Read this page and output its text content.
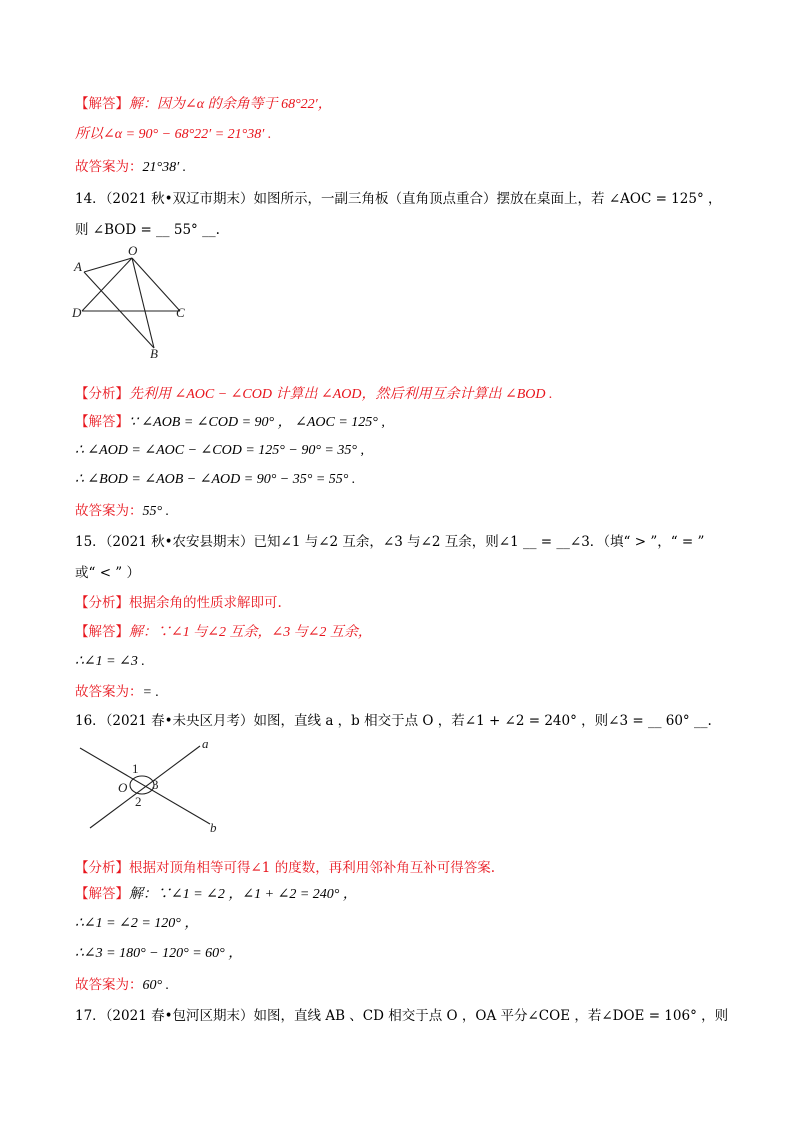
【解答】解：因为∠α 的余角等于 68°22′，
所以∠α = 90° − 68°22′ = 21°38′ .
故答案为：21°38′ .
14．（2021 秋•双辽市期末）如图所示，一副三角板（直角顶点重合）摆放在桌面上，若 ∠AOC = 125° ，
则 ∠BOD = __ 55° __.
O
A
D	C
B
【分析】先利用 ∠AOC − ∠COD 计算出 ∠AOD，然后利用互余计算出 ∠BOD .
【解答】∵ ∠AOB = ∠COD = 90° ， ∠AOC = 125° ,
∴ ∠AOD = ∠AOC − ∠COD = 125° − 90° = 35° ,
∴ ∠BOD = ∠AOB − ∠AOD = 90° − 35° = 55° .
故答案为：55° .
15．（2021 秋•农安县期末）已知∠1 与∠2 互余，∠3 与∠2 互余，则∠1 __ = __∠3．（填“ > ”，“ = ”
或“ < ” ）
【分析】根据余角的性质求解即可.
【解答】解：∵∠1 与∠2 互余，∠3 与∠2 互余，
∴∠1 = ∠3 .
故答案为：= .
16．（2021 春•未央区月考）如图，直线 a ，b 相交于点 O ，若∠1 + ∠2 = 240° ，则∠3 = __ 60° __.
a
b
O
1
2
3
【分析】根据对顶角相等可得∠1 的度数，再利用邻补角互补可得答案.
【解答】解：∵∠1 = ∠2 ，∠1 + ∠2 = 240° ，
∴∠1 = ∠2 = 120° ，
∴∠3 = 180° − 120° = 60° ，
故答案为：60° .
17．（2021 春•包河区期末）如图，直线 AB 、CD 相交于点 O ，OA 平分∠COE ，若∠DOE = 106° ，则
